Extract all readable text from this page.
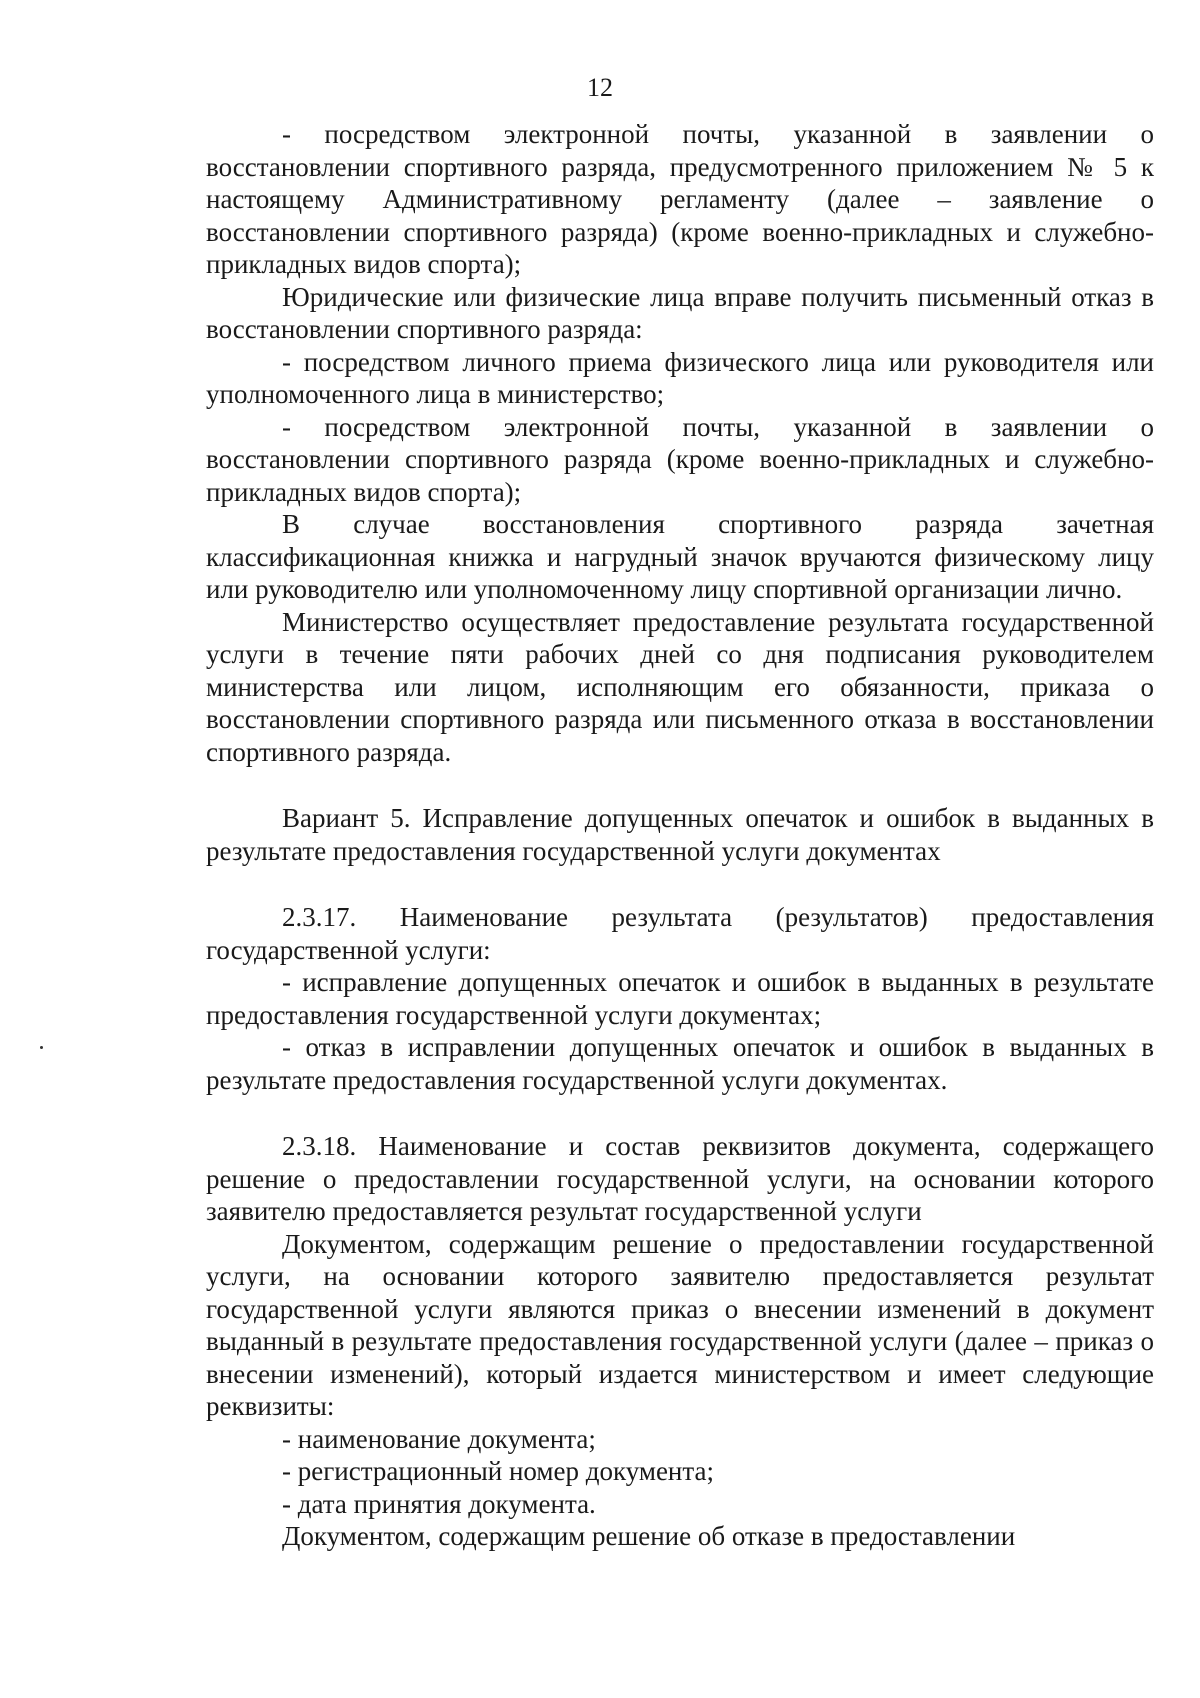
12

- посредством электронной почты, указанной в заявлении о восстановлении спортивного разряда, предусмотренного приложением № 5 к настоящему Административному регламенту (далее – заявление о восстановлении спортивного разряда) (кроме военно-прикладных и служебно-прикладных видов спорта);

Юридические или физические лица вправе получить письменный отказ в восстановлении спортивного разряда:

- посредством личного приема физического лица или руководителя или уполномоченного лица в министерство;

- посредством электронной почты, указанной в заявлении о восстановлении спортивного разряда (кроме военно-прикладных и служебно-прикладных видов спорта);

В случае восстановления спортивного разряда зачетная классификационная книжка и нагрудный значок вручаются физическому лицу или руководителю или уполномоченному лицу спортивной организации лично.

Министерство осуществляет предоставление результата государственной услуги в течение пяти рабочих дней со дня подписания руководителем министерства или лицом, исполняющим его обязанности, приказа о восстановлении спортивного разряда или письменного отказа в восстановлении спортивного разряда.

Вариант 5. Исправление допущенных опечаток и ошибок в выданных в результате предоставления государственной услуги документах

2.3.17. Наименование результата (результатов) предоставления государственной услуги:

- исправление допущенных опечаток и ошибок в выданных в результате предоставления государственной услуги документах;

- отказ в исправлении допущенных опечаток и ошибок в выданных в результате предоставления государственной услуги документах.

2.3.18. Наименование и состав реквизитов документа, содержащего решение о предоставлении государственной услуги, на основании которого заявителю предоставляется результат государственной услуги

Документом, содержащим решение о предоставлении государственной услуги, на основании которого заявителю предоставляется результат государственной услуги являются приказ о внесении изменений в документ выданный в результате предоставления государственной услуги (далее – приказ о внесении изменений), который издается министерством и имеет следующие реквизиты:

- наименование документа;

- регистрационный номер документа;

- дата принятия документа.

Документом, содержащим решение об отказе в предоставлении
